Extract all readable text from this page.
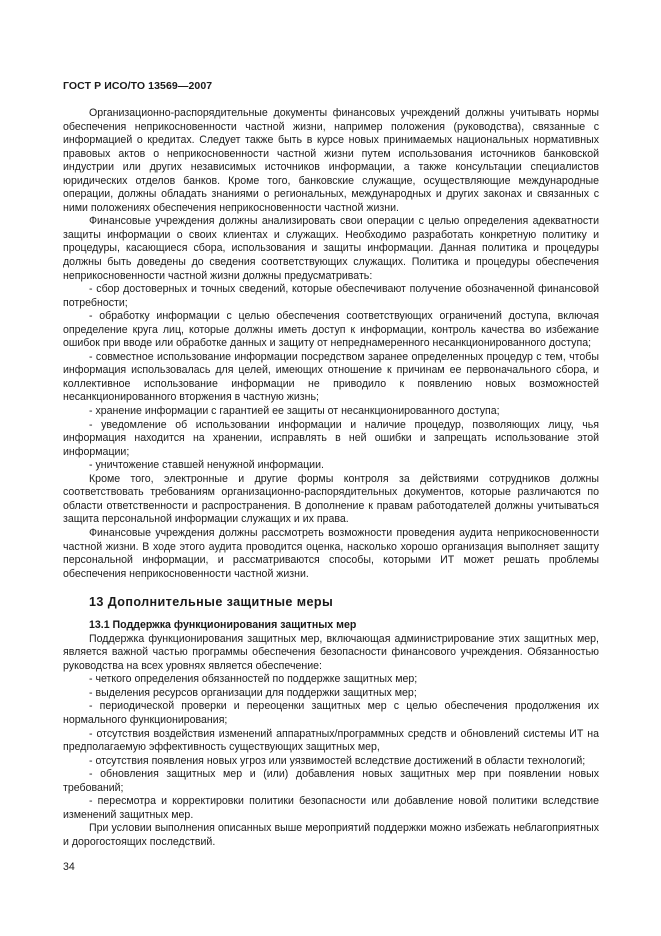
ГОСТ Р ИСО/ТО 13569—2007

Организационно-распорядительные документы финансовых учреждений должны учитывать нормы обеспечения неприкосновенности частной жизни, например положения (руководства), связанные с информацией о кредитах. Следует также быть в курсе новых принимаемых национальных нормативных правовых актов о неприкосновенности частной жизни путем использования источников банковской индустрии или других независимых источников информации, а также консультации специалистов юридических отделов банков. Кроме того, банковские служащие, осуществляющие международные операции, должны обладать знаниями о региональных, международных и других законах и связанных с ними положениях обеспечения неприкосновенности частной жизни.

Финансовые учреждения должны анализировать свои операции с целью определения адекватности защиты информации о своих клиентах и служащих. Необходимо разработать конкретную политику и процедуры, касающиеся сбора, использования и защиты информации. Данная политика и процедуры должны быть доведены до сведения соответствующих служащих. Политика и процедуры обеспечения неприкосновенности частной жизни должны предусматривать:

- сбор достоверных и точных сведений, которые обеспечивают получение обозначенной финансовой потребности;

- обработку информации с целью обеспечения соответствующих ограничений доступа, включая определение круга лиц, которые должны иметь доступ к информации, контроль качества во избежание ошибок при вводе или обработке данных и защиту от непреднамеренного несанкционированного доступа;

- совместное использование информации посредством заранее определенных процедур с тем, чтобы информация использовалась для целей, имеющих отношение к причинам ее первоначального сбора, и коллективное использование информации не приводило к появлению новых возможностей несанкционированного вторжения в частную жизнь;

- хранение информации с гарантией ее защиты от несанкционированного доступа;

- уведомление об использовании информации и наличие процедур, позволяющих лицу, чья информация находится на хранении, исправлять в ней ошибки и запрещать использование этой информации;

- уничтожение ставшей ненужной информации.

Кроме того, электронные и другие формы контроля за действиями сотрудников должны соответствовать требованиям организационно-распорядительных документов, которые различаются по области ответственности и распространения. В дополнение к правам работодателей должны учитываться защита персональной информации служащих и их права.

Финансовые учреждения должны рассмотреть возможности проведения аудита неприкосновенности частной жизни. В ходе этого аудита проводится оценка, насколько хорошо организация выполняет защиту персональной информации, и рассматриваются способы, которыми ИТ может решать проблемы обеспечения неприкосновенности частной жизни.

13 Дополнительные защитные меры
13.1 Поддержка функционирования защитных мер

Поддержка функционирования защитных мер, включающая администрирование этих защитных мер, является важной частью программы обеспечения безопасности финансового учреждения. Обязанностью руководства на всех уровнях является обеспечение:

- четкого определения обязанностей по поддержке защитных мер;

- выделения ресурсов организации для поддержки защитных мер;

- периодической проверки и переоценки защитных мер с целью обеспечения продолжения их нормального функционирования;

- отсутствия воздействия изменений аппаратных/программных средств и обновлений системы ИТ на предполагаемую эффективность существующих защитных мер,

- отсутствия появления новых угроз или уязвимостей вследствие достижений в области технологий;

- обновления защитных мер и (или) добавления новых защитных мер при появлении новых требований;

- пересмотра и корректировки политики безопасности или добавление новой политики вследствие изменений защитных мер.

При условии выполнения описанных выше мероприятий поддержки можно избежать неблагоприятных и дорогостоящих последствий.

34
